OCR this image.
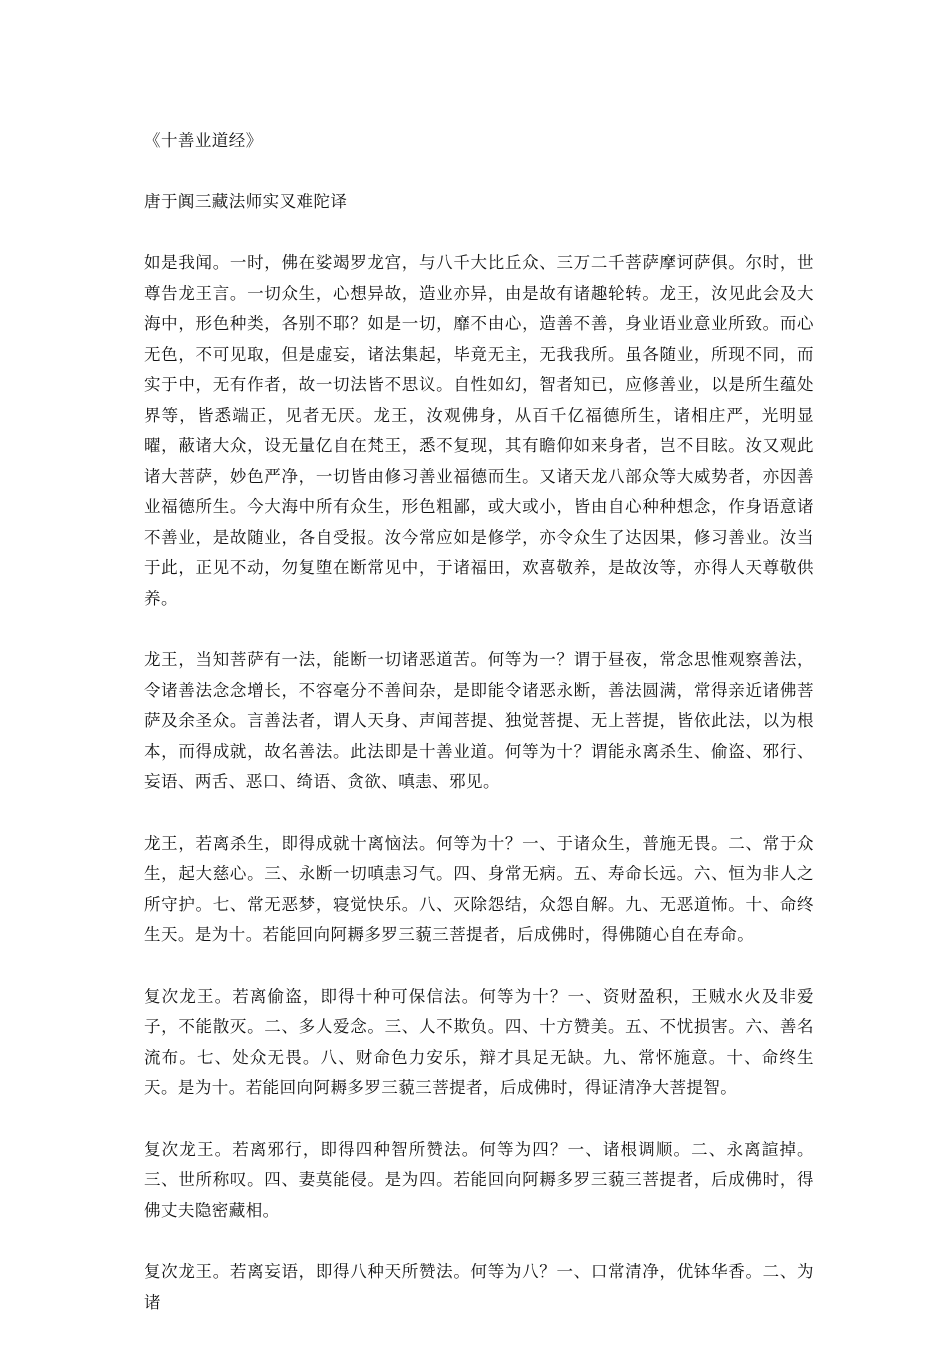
《十善业道经》
唐于阗三藏法师实叉难陀译
如是我闻。一时，佛在娑竭罗龙宫，与八千大比丘众、三万二千菩萨摩诃萨俱。尔时，世尊告龙王言。一切众生，心想异故，造业亦异，由是故有诸趣轮转。龙王，汝见此会及大海中，形色种类，各别不耶？如是一切，靡不由心，造善不善，身业语业意业所致。而心无色，不可见取，但是虚妄，诸法集起，毕竟无主，无我我所。虽各随业，所现不同，而实于中，无有作者，故一切法皆不思议。自性如幻，智者知已，应修善业，以是所生蕴处界等，皆悉端正，见者无厌。龙王，汝观佛身，从百千亿福德所生，诸相庄严，光明显曜，蔽诸大众，设无量亿自在梵王，悉不复现，其有瞻仰如来身者，岂不目眩。汝又观此诸大菩萨，妙色严净，一切皆由修习善业福德而生。又诸天龙八部众等大威势者，亦因善业福德所生。今大海中所有众生，形色粗鄙，或大或小，皆由自心种种想念，作身语意诸不善业，是故随业，各自受报。汝今常应如是修学，亦令众生了达因果，修习善业。汝当于此，正见不动，勿复堕在断常见中，于诸福田，欢喜敬养，是故汝等，亦得人天尊敬供养。
龙王，当知菩萨有一法，能断一切诸恶道苦。何等为一？谓于昼夜，常念思惟观察善法，令诸善法念念增长，不容毫分不善间杂，是即能令诸恶永断，善法圆满，常得亲近诸佛菩萨及余圣众。言善法者，谓人天身、声闻菩提、独觉菩提、无上菩提，皆依此法，以为根本，而得成就，故名善法。此法即是十善业道。何等为十？谓能永离杀生、偷盗、邪行、妄语、两舌、恶口、绮语、贪欲、嗔恚、邪见。
龙王，若离杀生，即得成就十离恼法。何等为十？一、于诸众生，普施无畏。二、常于众生，起大慈心。三、永断一切嗔恚习气。四、身常无病。五、寿命长远。六、恒为非人之所守护。七、常无恶梦，寝觉快乐。八、灭除怨结，众怨自解。九、无恶道怖。十、命终生天。是为十。若能回向阿耨多罗三藐三菩提者，后成佛时，得佛随心自在寿命。
复次龙王。若离偷盗，即得十种可保信法。何等为十？一、资财盈积，王贼水火及非爱子，不能散灭。二、多人爱念。三、人不欺负。四、十方赞美。五、不忧损害。六、善名流布。七、处众无畏。八、财命色力安乐，辩才具足无缺。九、常怀施意。十、命终生天。是为十。若能回向阿耨多罗三藐三菩提者，后成佛时，得证清净大菩提智。
复次龙王。若离邪行，即得四种智所赞法。何等为四？一、诸根调顺。二、永离諠掉。三、世所称叹。四、妻莫能侵。是为四。若能回向阿耨多罗三藐三菩提者，后成佛时，得佛丈夫隐密藏相。
复次龙王。若离妄语，即得八种天所赞法。何等为八？一、口常清净，优钵华香。二、为诸
